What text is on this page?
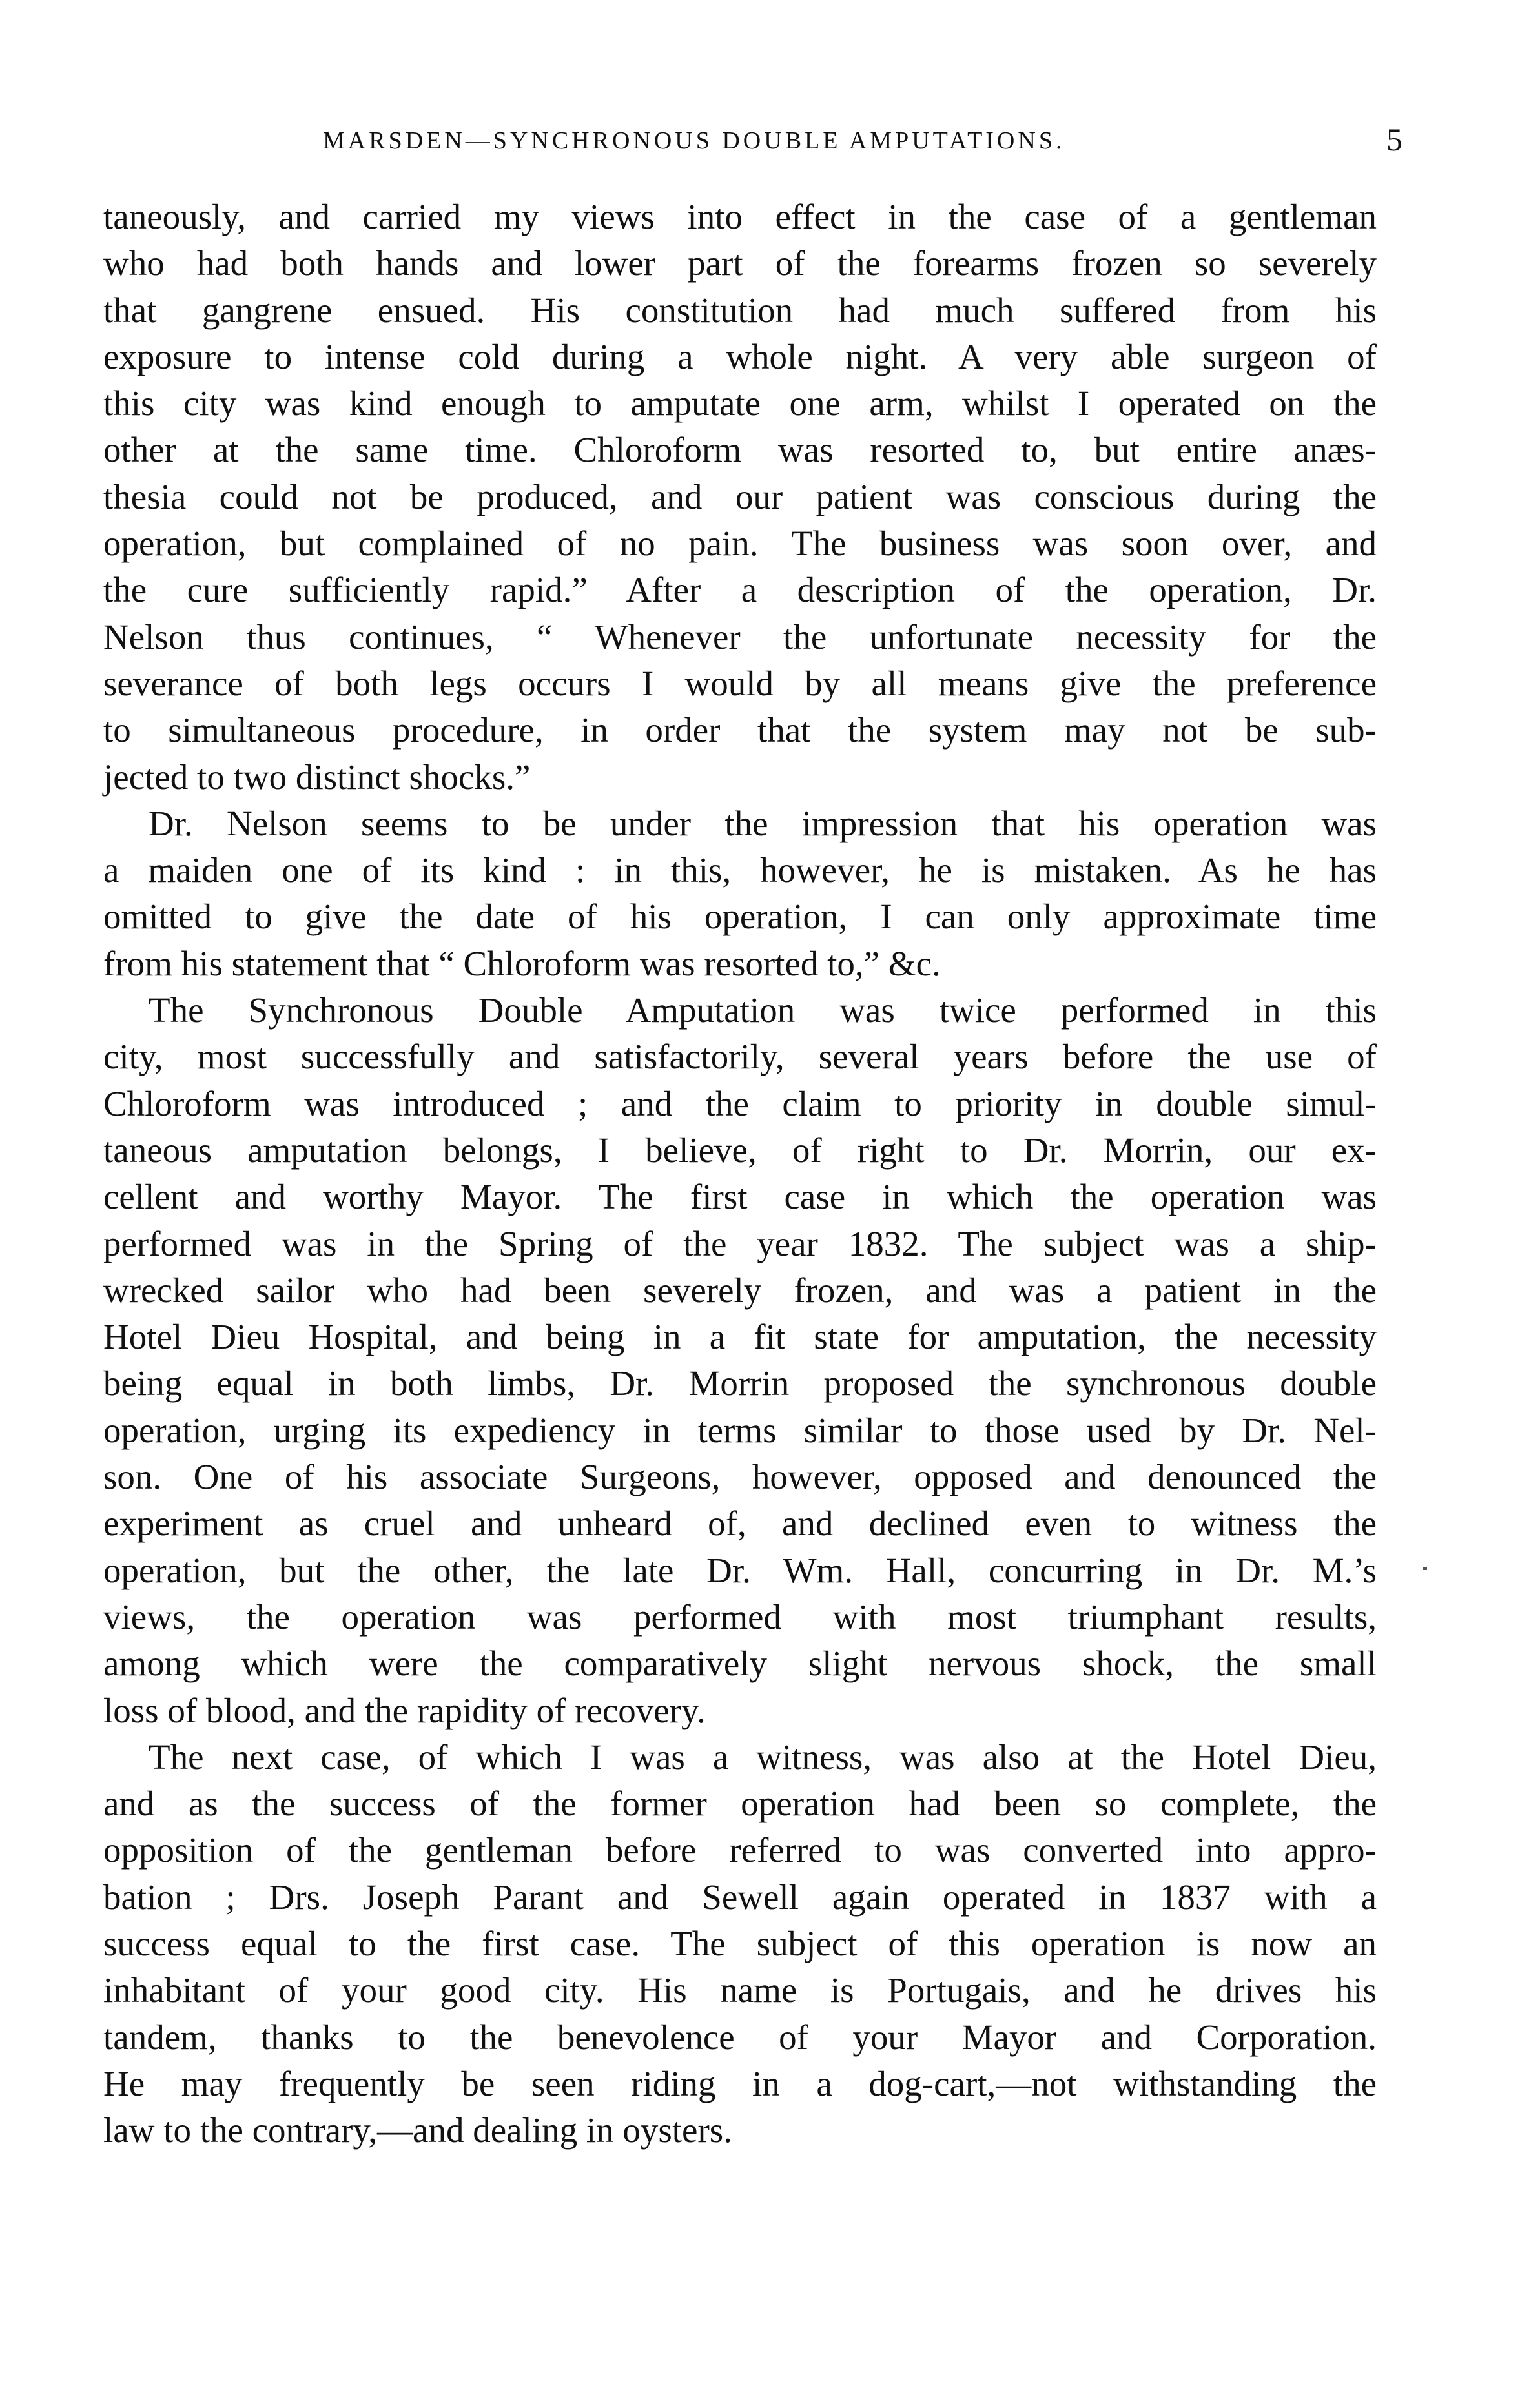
MARSDEN—SYNCHRONOUS DOUBLE AMPUTATIONS.	5

taneously, and carried my views into effect in the case of a gentleman
who had both hands and lower part of the forearms frozen so severely
that gangrene ensued. His constitution had much suffered from his
exposure to intense cold during a whole night. A very able surgeon of
this city was kind enough to amputate one arm, whilst I operated on the
other at the same time. Chloroform was resorted to, but entire anæs-
thesia could not be produced, and our patient was conscious during the
operation, but complained of no pain. The business was soon over, and
the cure sufficiently rapid.” After a description of the operation, Dr.
Nelson thus continues, “ Whenever the unfortunate necessity for the
severance of both legs occurs I would by all means give the preference
to simultaneous procedure, in order that the system may not be sub-
jected to two distinct shocks.”

Dr. Nelson seems to be under the impression that his operation was
a maiden one of its kind : in this, however, he is mistaken. As he has
omitted to give the date of his operation, I can only approximate time
from his statement that “ Chloroform was resorted to,” &c.

The Synchronous Double Amputation was twice performed in this
city, most successfully and satisfactorily, several years before the use of
Chloroform was introduced ; and the claim to priority in double simul-
taneous amputation belongs, I believe, of right to Dr. Morrin, our ex-
cellent and worthy Mayor. The first case in which the operation was
performed was in the Spring of the year 1832. The subject was a ship-
wrecked sailor who had been severely frozen, and was a patient in the
Hotel Dieu Hospital, and being in a fit state for amputation, the necessity
being equal in both limbs, Dr. Morrin proposed the synchronous double
operation, urging its expediency in terms similar to those used by Dr. Nel-
son. One of his associate Surgeons, however, opposed and denounced the
experiment as cruel and unheard of, and declined even to witness the
operation, but the other, the late Dr. Wm. Hall, concurring in Dr. M.’s
views, the operation was performed with most triumphant results,
among which were the comparatively slight nervous shock, the small
loss of blood, and the rapidity of recovery.

The next case, of which I was a witness, was also at the Hotel Dieu,
and as the success of the former operation had been so complete, the
opposition of the gentleman before referred to was converted into appro-
bation ; Drs. Joseph Parant and Sewell again operated in 1837 with a
success equal to the first case. The subject of this operation is now an
inhabitant of your good city. His name is Portugais, and he drives his
tandem, thanks to the benevolence of your Mayor and Corporation.
He may frequently be seen riding in a dog-cart,—not withstanding the
law to the contrary,—and dealing in oysters.
